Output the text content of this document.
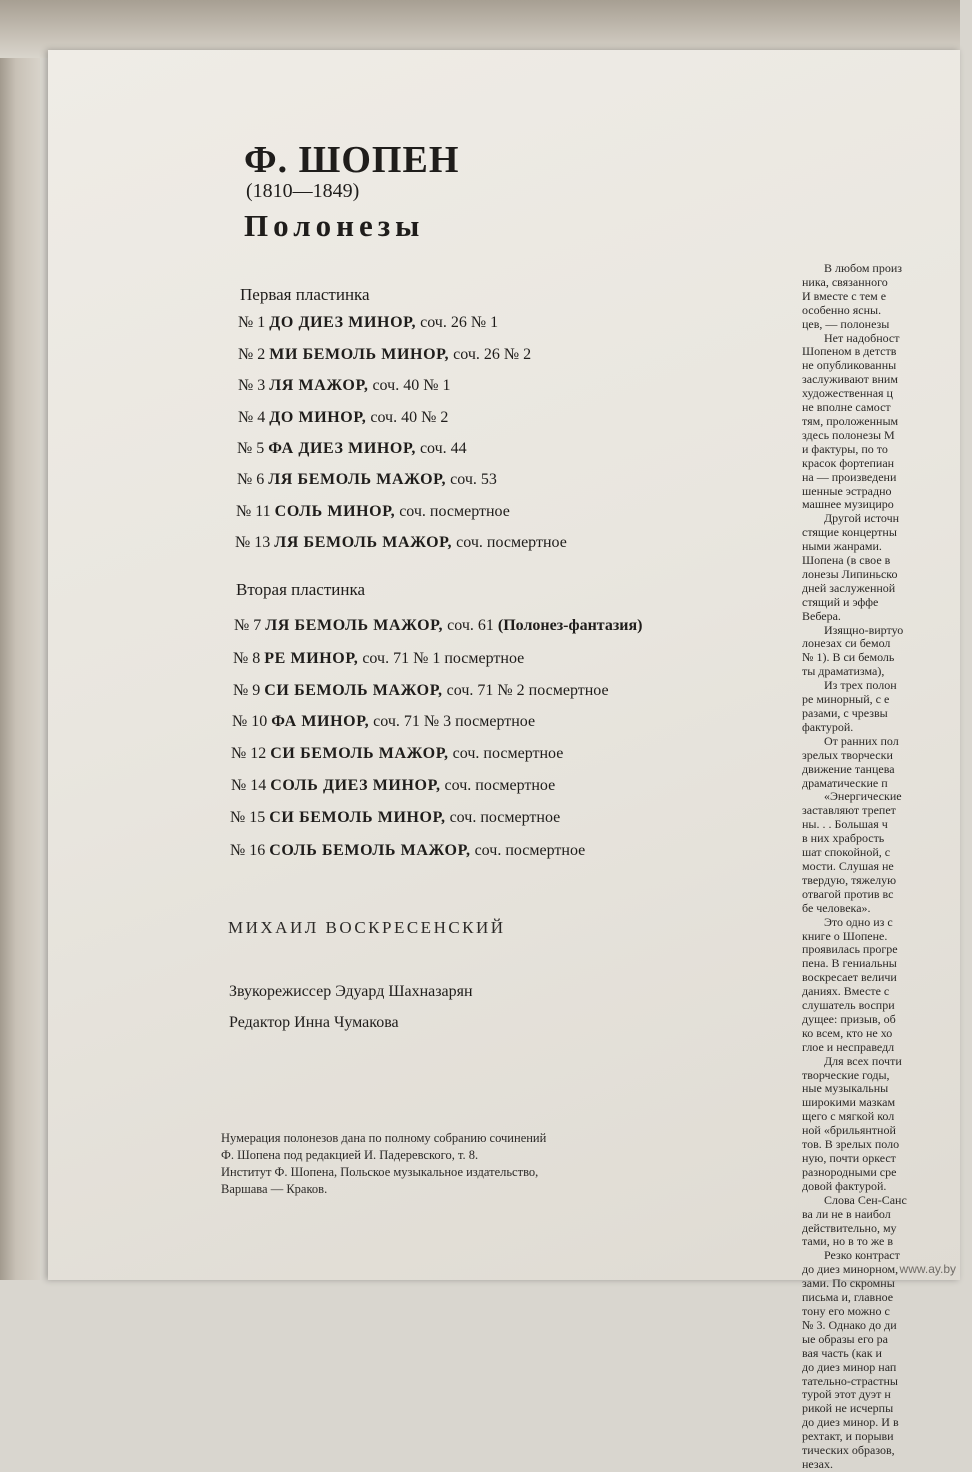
Ф. ШОПЕН
(1810—1849)
Полонезы
Первая пластинка
№ 1 ДО ДИЕЗ МИНОР, соч. 26 № 1
№ 2 МИ БЕМОЛЬ МИНОР, соч. 26 № 2
№ 3 ЛЯ МАЖОР, соч. 40 № 1
№ 4 ДО МИНОР, соч. 40 № 2
№ 5 ФА ДИЕЗ МИНОР, соч. 44
№ 6 ЛЯ БЕМОЛЬ МАЖОР, соч. 53
№ 11 СОЛЬ МИНОР, соч. посмертное
№ 13 ЛЯ БЕМОЛЬ МАЖОР, соч. посмертное
Вторая пластинка
№ 7 ЛЯ БЕМОЛЬ МАЖОР, соч. 61 (Полонез-фантазия)
№ 8 РЕ МИНОР, соч. 71 № 1 посмертное
№ 9 СИ БЕМОЛЬ МАЖОР, соч. 71 № 2 посмертное
№ 10 ФА МИНОР, соч. 71 № 3 посмертное
№ 12 СИ БЕМОЛЬ МАЖОР, соч. посмертное
№ 14 СОЛЬ ДИЕЗ МИНОР, соч. посмертное
№ 15 СИ БЕМОЛЬ МИНОР, соч. посмертное
№ 16 СОЛЬ БЕМОЛЬ МАЖОР, соч. посмертное
МИХАИЛ ВОСКРЕСЕНСКИЙ
Звукорежиссер Эдуард Шахназарян
Редактор Инна Чумакова
Нумерация полонезов дана по полному собранию сочинений
Ф. Шопена под редакцией И. Падеревского, т. 8.
Институт Ф. Шопена, Польское музыкальное издательство,
Варшава — Краков.
В любом произ
ника, связанного
И вместе с тем е
особенно ясны.
цев, — полонезы
Нет надобност
Шопеном в детств
не опубликованны
заслуживают вним
художественная ц
не вполне самост
тям, проложенным
здесь полонезы М
и фактуры, по то
красок фортепиан
на — произведени
шенные эстрадно
машнее музициро
Другой источн
стящие концертны
ными жанрами.
Шопена (в свое в
лонезы Липиньско
дней заслуженной
стящий и эффе
Вебера.
Изящно-виртуо
лонезах си бемол
№ 1). В си бемоль
ты драматизма),
Из трех полон
ре минорный, с е
разами, с чрезвы
фактурой.
От ранних пол
зрелых творчески
движение танцева
драматические п
«Энергические
заставляют трепет
ны. . . Большая ч
в них храбрость
шат спокойной, с
мости. Слушая не
твердую, тяжелую
отвагой против вс
бе человека».
Это одно из с
книге о Шопене.
проявилась прогре
пена. В гениальны
воскресает величи
даниях. Вместе с
слушатель воспри
дущее: призыв, об
ко всем, кто не хо
глое и несправедл
Для всех почти
творческие годы,
ные музыкальны
широкими мазкам
щего с мягкой кол
ной «брильянтной
тов. В зрелых поло
ную, почти оркест
разнородными сре
довой фактурой.
Слова Сен-Санс
ва ли не в наибол
действительно, му
тами, но в то же в
Резко контраст
до диез минорном,
зами. По скромны
письма и, главное
тону его можно с
№ 3. Однако до ди
ые образы его ра
вая часть (как и
до диез минор нап
тательно-страстны
турой этот дуэт н
рикой не исчерпы
до диез минор. И в
рехтакт, и порыви
тических образов,
незах.
www.ay.by
